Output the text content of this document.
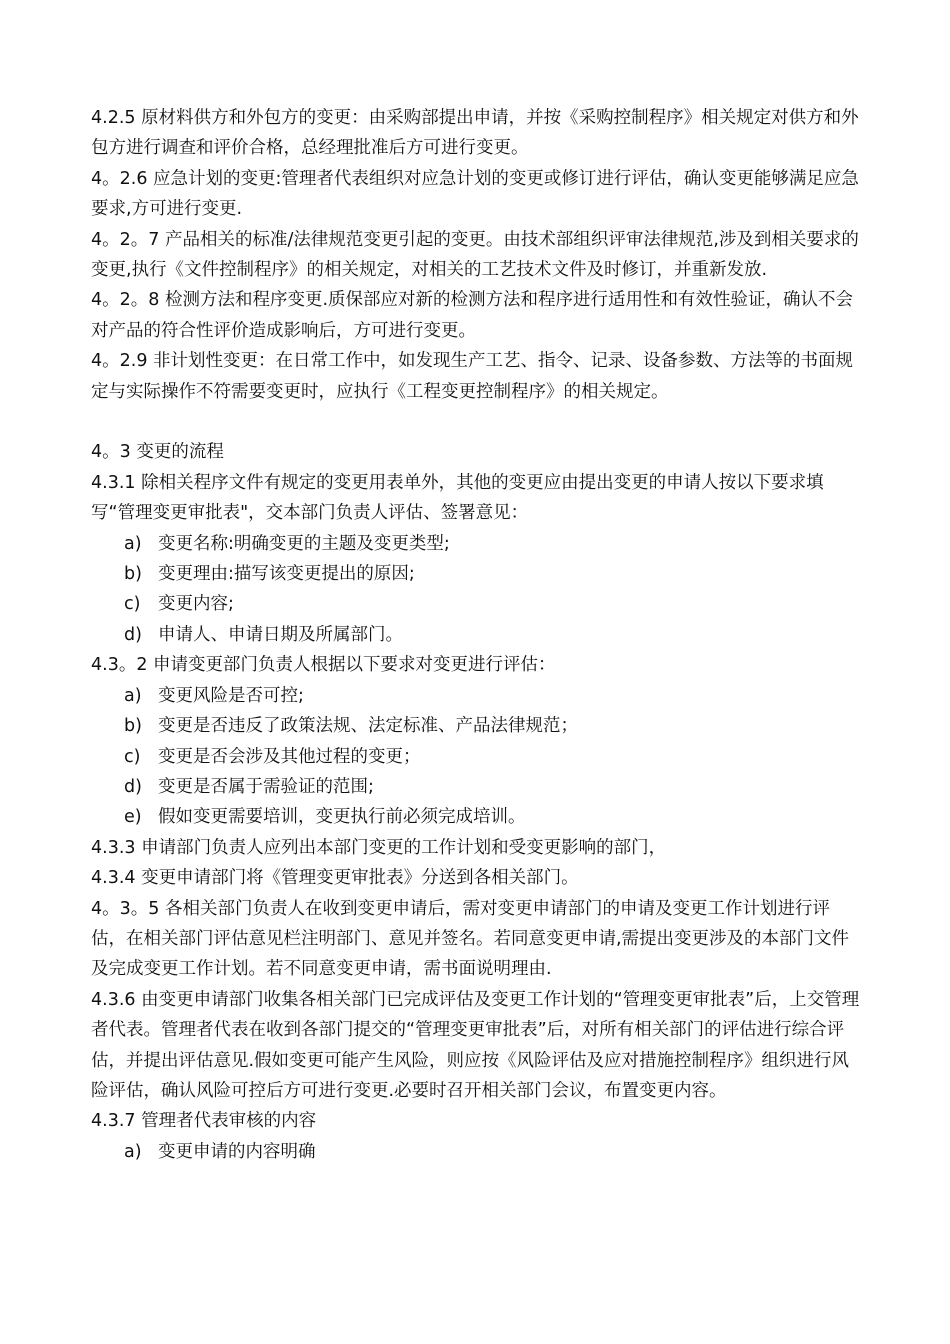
4.2.5 原材料供方和外包方的变更：由采购部提出申请，并按《采购控制程序》相关规定对供方和外包方进行调查和评价合格，总经理批准后方可进行变更。

4。2.6 应急计划的变更:管理者代表组织对应急计划的变更或修订进行评估，确认变更能够满足应急要求,方可进行变更.

4。2。7 产品相关的标准/法律规范变更引起的变更。由技术部组织评审法律规范,涉及到相关要求的变更,执行《文件控制程序》的相关规定，对相关的工艺技术文件及时修订，并重新发放.

4。2。8 检测方法和程序变更.质保部应对新的检测方法和程序进行适用性和有效性验证，确认不会对产品的符合性评价造成影响后，方可进行变更。

4。2.9 非计划性变更：在日常工作中，如发现生产工艺、指令、记录、设备参数、方法等的书面规定与实际操作不符需要变更时，应执行《工程变更控制程序》的相关规定。

4。3 变更的流程

4.3.1 除相关程序文件有规定的变更用表单外，其他的变更应由提出变更的申请人按以下要求填写“管理变更审批表"，交本部门负责人评估、签署意见：

a) 变更名称:明确变更的主题及变更类型;

b) 变更理由:描写该变更提出的原因;

c) 变更内容;

d) 申请人、申请日期及所属部门。

4.3。2 申请变更部门负责人根据以下要求对变更进行评估：

a) 变更风险是否可控;

b) 变更是否违反了政策法规、法定标准、产品法律规范；

c) 变更是否会涉及其他过程的变更；

d) 变更是否属于需验证的范围;

e) 假如变更需要培训，变更执行前必须完成培训。

4.3.3 申请部门负责人应列出本部门变更的工作计划和受变更影响的部门，

4.3.4 变更申请部门将《管理变更审批表》分送到各相关部门。

4。3。5 各相关部门负责人在收到变更申请后，需对变更申请部门的申请及变更工作计划进行评估，在相关部门评估意见栏注明部门、意见并签名。若同意变更申请,需提出变更涉及的本部门文件及完成变更工作计划。若不同意变更申请，需书面说明理由.

4.3.6 由变更申请部门收集各相关部门已完成评估及变更工作计划的“管理变更审批表”后，上交管理者代表。管理者代表在收到各部门提交的“管理变更审批表”后，对所有相关部门的评估进行综合评估，并提出评估意见.假如变更可能产生风险，则应按《风险评估及应对措施控制程序》组织进行风险评估，确认风险可控后方可进行变更.必要时召开相关部门会议，布置变更内容。

4.3.7 管理者代表审核的内容

a) 变更申请的内容明确
